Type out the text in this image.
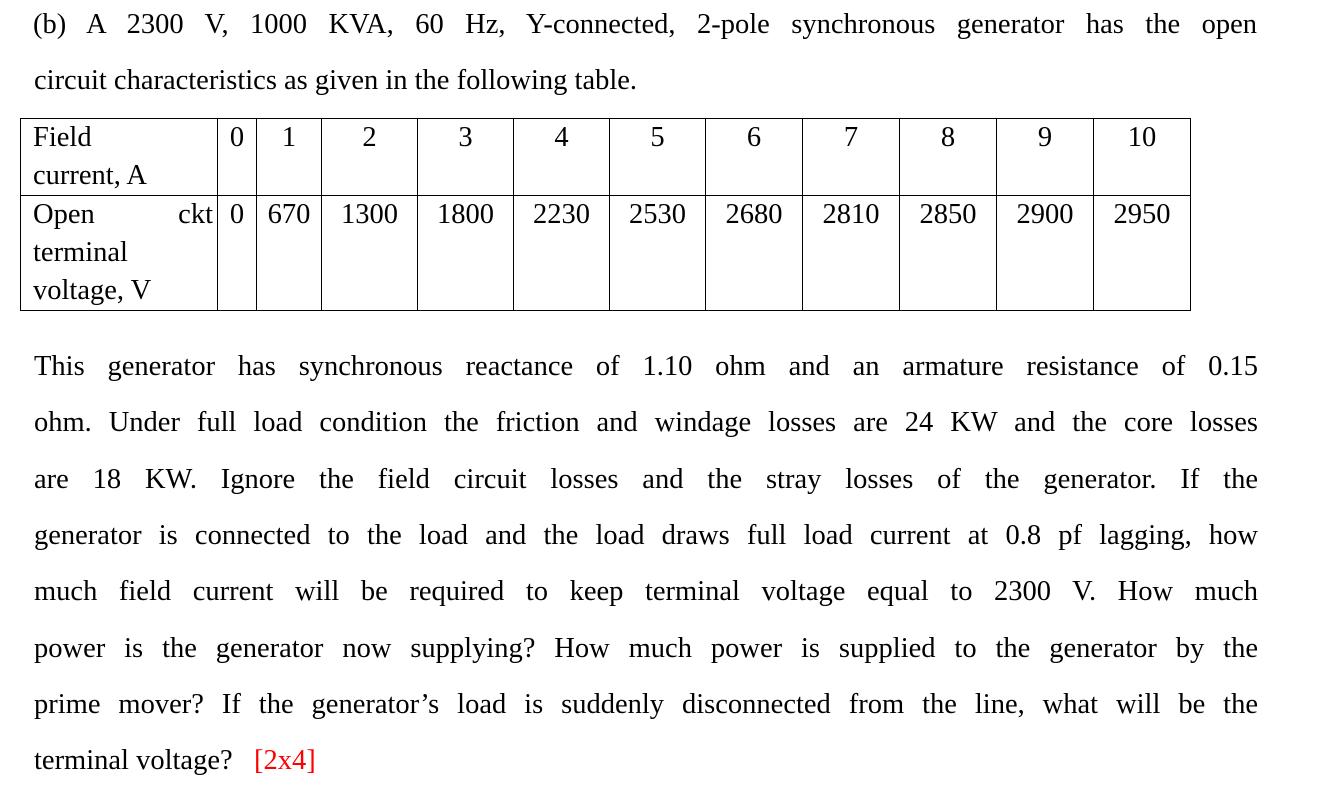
(b) A 2300 V, 1000 KVA, 60 Hz, Y-connected, 2-pole synchronous generator has the open
circuit characteristics as given in the following table.
Field
current, A	0	1	2	3	4	5	6	7	8	9	10

Open ckt
terminal
voltage, V	0	670	1300	1800	2230	2530	2680	2810	2850	2900	2950
This generator has synchronous reactance of 1.10 ohm and an armature resistance of 0.15
ohm. Under full load condition the friction and windage losses are 24 KW and the core losses
are 18 KW. Ignore the field circuit losses and the stray losses of the generator. If the
generator is connected to the load and the load draws full load current at 0.8 pf lagging, how
much field current will be required to keep terminal voltage equal to 2300 V. How much
power is the generator now supplying? How much power is supplied to the generator by the
prime mover? If the generator’s load is suddenly disconnected from the line, what will be the
terminal voltage? [2x4]
